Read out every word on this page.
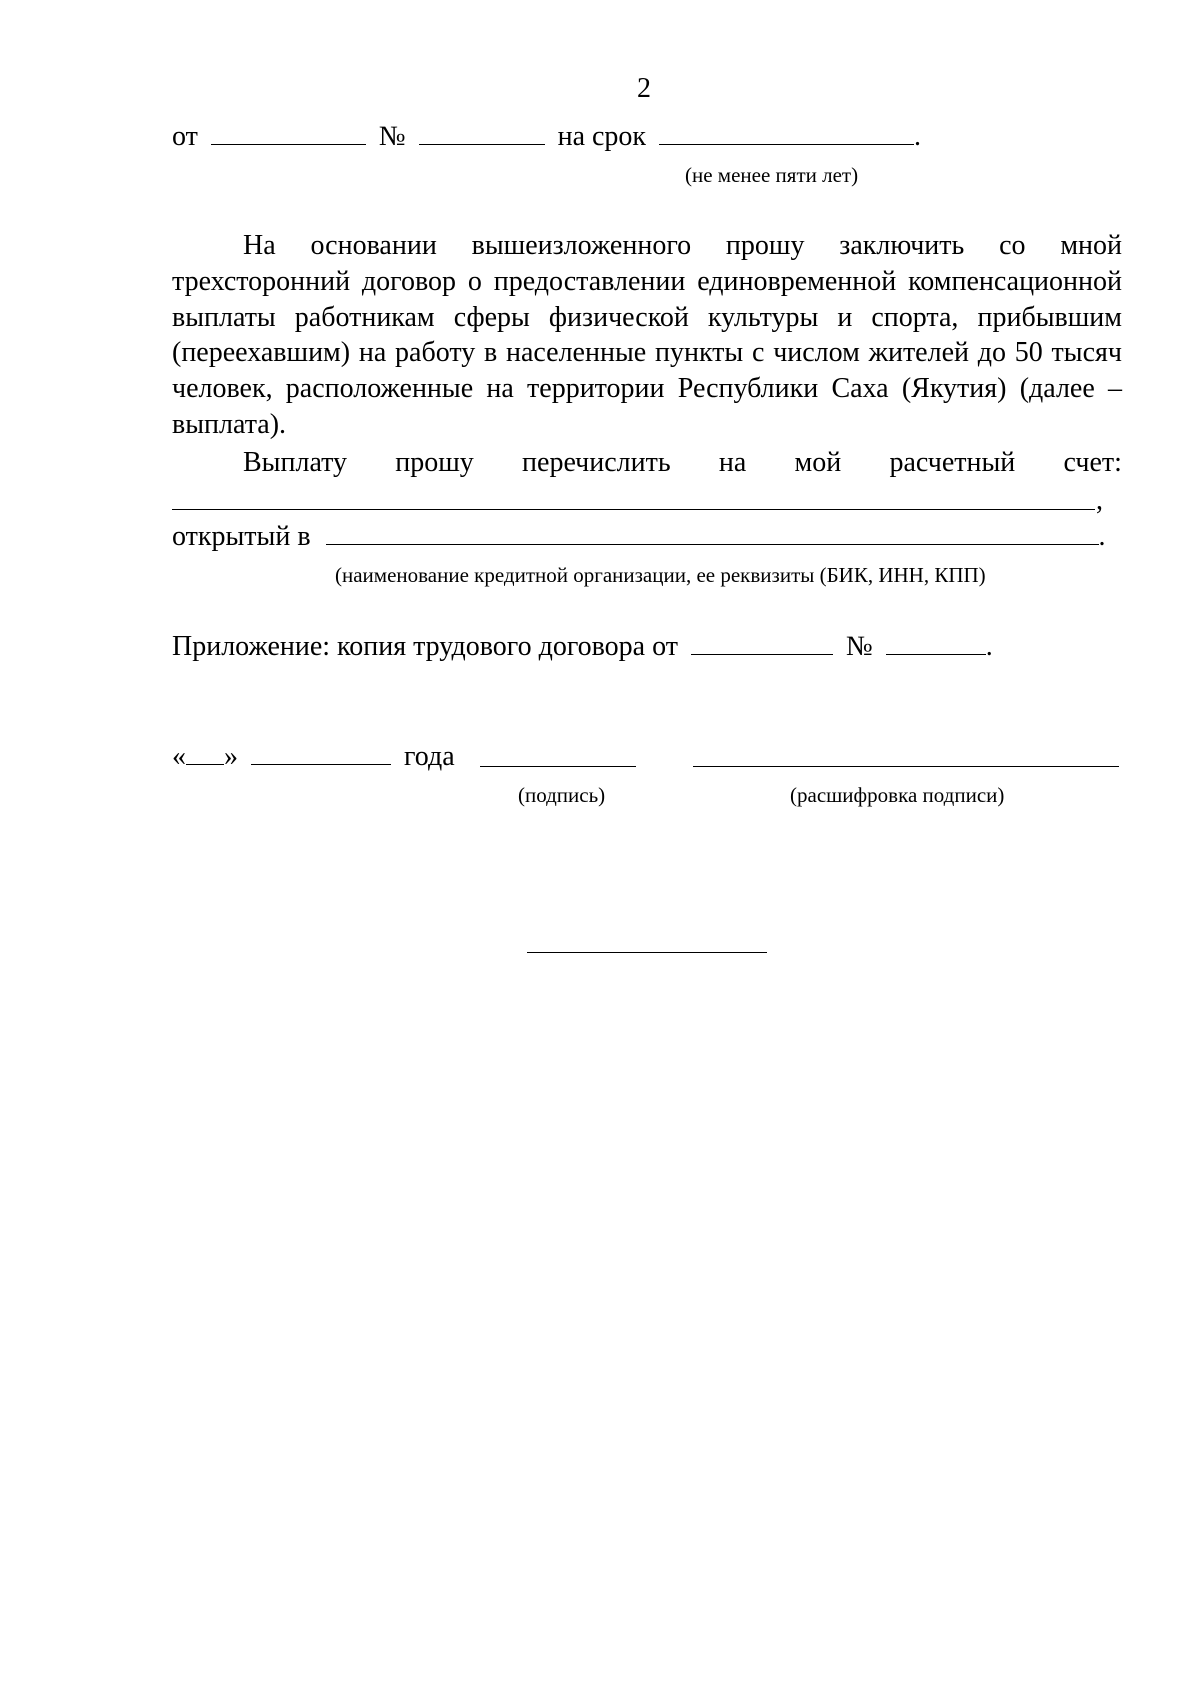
2
от	№	на срок	.
(не менее пяти лет)
На основании вышеизложенного прошу заключить со мной трехсторонний договор о предоставлении единовременной компенсационной выплаты работникам сферы физической культуры и спорта, прибывшим (переехавшим) на работу в населенные пункты с числом жителей до 50 тысяч человек, расположенные на территории Республики Саха (Якутия) (далее – выплата).
Выплату прошу перечислить на мой расчетный счет:
,
открытый в	.
(наименование кредитной организации, ее реквизиты (БИК, ИНН, КПП)
Приложение: копия трудового договора от	№	.
« »	года
(подпись)	(расшифровка подписи)
